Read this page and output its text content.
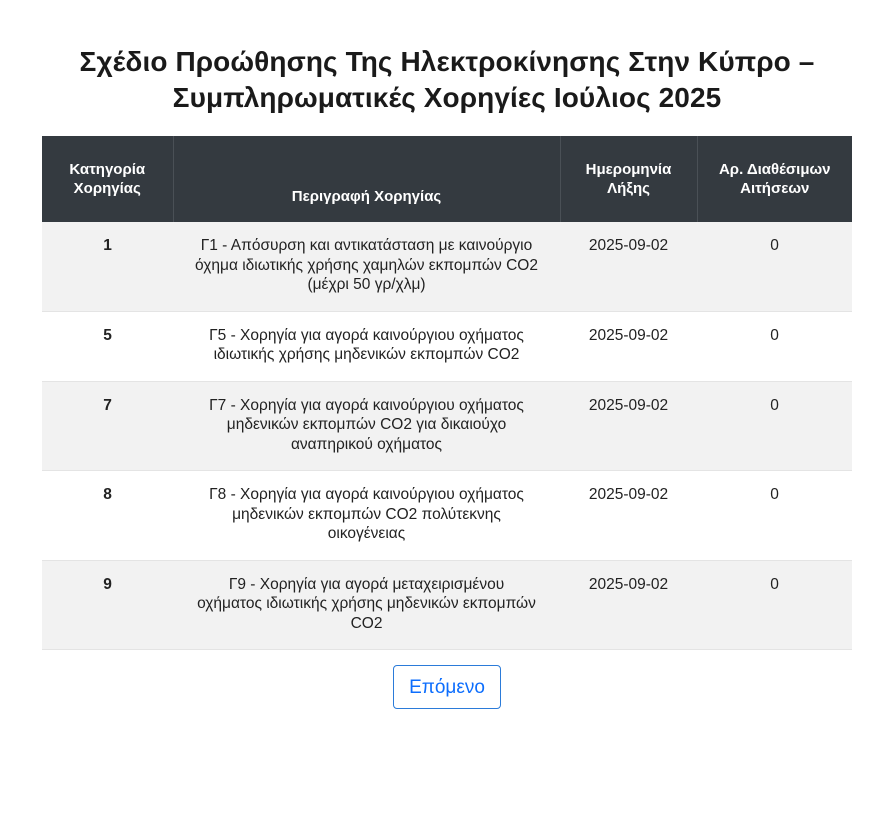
Σχέδιο Προώθησης Της Ηλεκτροκίνησης Στην Κύπρο –
Συμπληρωματικές Χορηγίες Ιούλιος 2025
Κατηγορία Χορηγίας	Περιγραφή Χορηγίας	Ημερομηνία Λήξης	Αρ. Διαθέσιμων Αιτήσεων
1	Γ1 - Απόσυρση και αντικατάσταση με καινούργιο όχημα ιδιωτικής χρήσης χαμηλών εκπομπών CO2 (μέχρι 50 γρ/χλμ)	2025-09-02	0
5	Γ5 - Χορηγία για αγορά καινούργιου οχήματος ιδιωτικής χρήσης μηδενικών εκπομπών CO2	2025-09-02	0
7	Γ7 - Χορηγία για αγορά καινούργιου οχήματος μηδενικών εκπομπών CO2 για δικαιούχο αναπηρικού οχήματος	2025-09-02	0
8	Γ8 - Χορηγία για αγορά καινούργιου οχήματος μηδενικών εκπομπών CO2 πολύτεκνης οικογένειας	2025-09-02	0
9	Γ9 - Χορηγία για αγορά μεταχειρισμένου οχήματος ιδιωτικής χρήσης μηδενικών εκπομπών CO2	2025-09-02	0
Επόμενο
